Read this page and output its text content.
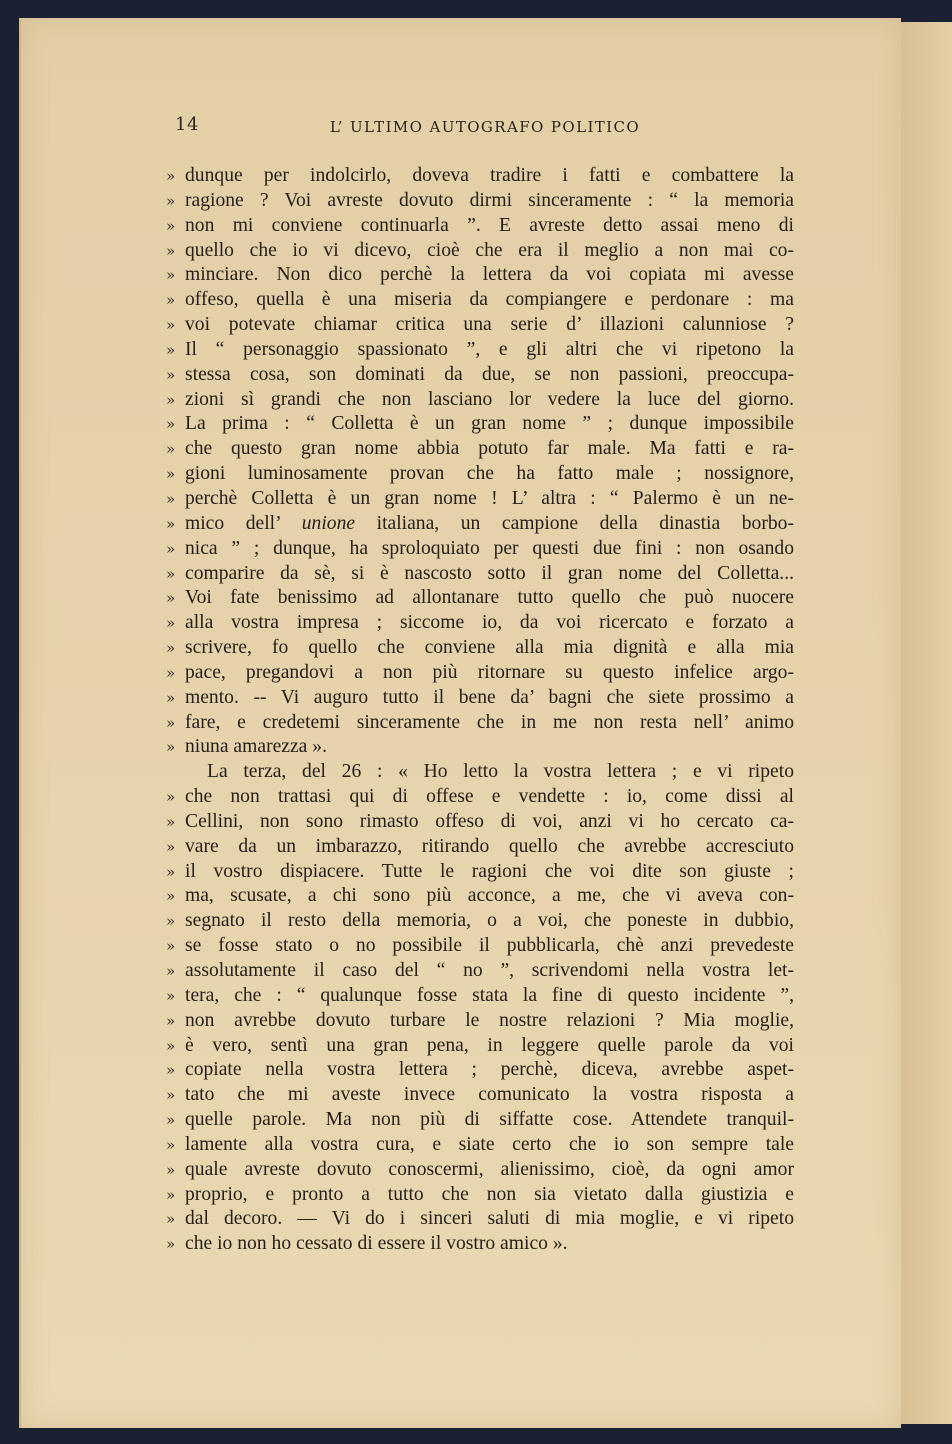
14	L’ ULTIMO AUTOGRAFO POLITICO
» dunque per indolcirlo, doveva tradire i fatti e combattere la
» ragione ? Voi avreste dovuto dirmi sinceramente : “ la memoria
» non mi conviene continuarla ”. E avreste detto assai meno di
» quello che io vi dicevo, cioè che era il meglio a non mai co-
» minciare. Non dico perchè la lettera da voi copiata mi avesse
» offeso, quella è una miseria da compiangere e perdonare : ma
» voi potevate chiamar critica una serie d’ illazioni calunniose ?
» Il “ personaggio spassionato ”, e gli altri che vi ripetono la
» stessa cosa, son dominati da due, se non passioni, preoccupa-
» zioni sì grandi che non lasciano lor vedere la luce del giorno.
» La prima : “ Colletta è un gran nome ” ; dunque impossibile
» che questo gran nome abbia potuto far male. Ma fatti e ra-
» gioni luminosamente provan che ha fatto male ; nossignore,
» perchè Colletta è un gran nome ! L’ altra : “ Palermo è un ne-
» mico dell’ unione italiana, un campione della dinastia borbo-
» nica ” ; dunque, ha sproloquiato per questi due fini : non osando
» comparire da sè, si è nascosto sotto il gran nome del Colletta...
» Voi fate benissimo ad allontanare tutto quello che può nuocere
» alla vostra impresa ; siccome io, da voi ricercato e forzato a
» scrivere, fo quello che conviene alla mia dignità e alla mia
» pace, pregandovi a non più ritornare su questo infelice argo-
» mento. -- Vi auguro tutto il bene da’ bagni che siete prossimo a
» fare, e credetemi sinceramente che in me non resta nell’ animo
» niuna amarezza ».
La terza, del 26 : « Ho letto la vostra lettera ; e vi ripeto
» che non trattasi qui di offese e vendette : io, come dissi al
» Cellini, non sono rimasto offeso di voi, anzi vi ho cercato ca-
» vare da un imbarazzo, ritirando quello che avrebbe accresciuto
» il vostro dispiacere. Tutte le ragioni che voi dite son giuste ;
» ma, scusate, a chi sono più acconce, a me, che vi aveva con-
» segnato il resto della memoria, o a voi, che poneste in dubbio,
» se fosse stato o no possibile il pubblicarla, chè anzi prevedeste
» assolutamente il caso del “ no ”, scrivendomi nella vostra let-
» tera, che : “ qualunque fosse stata la fine di questo incidente ”,
» non avrebbe dovuto turbare le nostre relazioni ? Mia moglie,
» è vero, sentì una gran pena, in leggere quelle parole da voi
» copiate nella vostra lettera ; perchè, diceva, avrebbe aspet-
» tato che mi aveste invece comunicato la vostra risposta a
» quelle parole. Ma non più di siffatte cose. Attendete tranquil-
» lamente alla vostra cura, e siate certo che io son sempre tale
» quale avreste dovuto conoscermi, alienissimo, cioè, da ogni amor
» proprio, e pronto a tutto che non sia vietato dalla giustizia e
» dal decoro. — Vi do i sinceri saluti di mia moglie, e vi ripeto
» che io non ho cessato di essere il vostro amico ».
